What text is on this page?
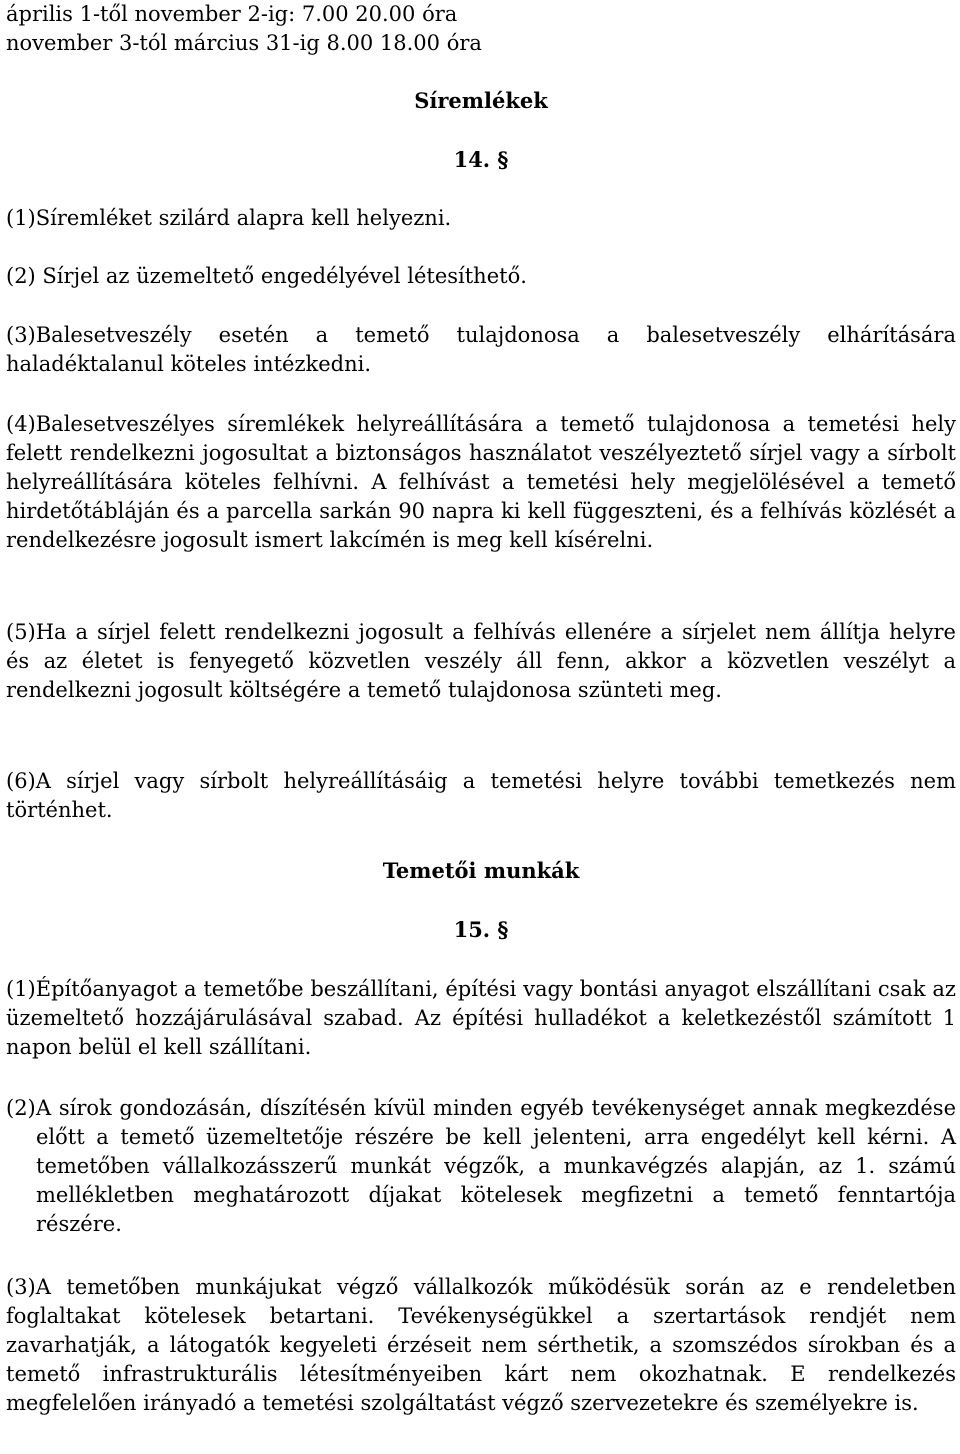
április 1-től november 2-ig: 7.00 20.00 óra
november 3-tól március 31-ig 8.00 18.00 óra
Síremlékek
14. §
(1)Síremléket szilárd alapra kell helyezni.
(2) Sírjel az üzemeltető engedélyével létesíthető.
(3)Balesetveszély esetén a temető tulajdonosa a balesetveszély elhárítására haladéktalanul köteles intézkedni.
(4)Balesetveszélyes síremlékek helyreállítására a temető tulajdonosa a temetési hely felett rendelkezni jogosultat a biztonságos használatot veszélyeztető sírjel vagy a sírbolt helyreállítására köteles felhívni. A felhívást a temetési hely megjelölésével a temető hirdetőtábláján és a parcella sarkán 90 napra ki kell függeszteni, és a felhívás közlését a rendelkezésre jogosult ismert lakcímén is meg kell kísérelni.
(5)Ha a sírjel felett rendelkezni jogosult a felhívás ellenére a sírjelet nem állítja helyre és az életet is fenyegető közvetlen veszély áll fenn, akkor a közvetlen veszélyt a rendelkezni jogosult költségére a temető tulajdonosa szünteti meg.
(6)A sírjel vagy sírbolt helyreállításáig a temetési helyre további temetkezés nem történhet.
Temetői munkák
15. §
(1)Építőanyagot a temetőbe beszállítani, építési vagy bontási anyagot elszállítani csak az üzemeltető hozzájárulásával szabad. Az építési hulladékot a keletkezéstől számított 1 napon belül el kell szállítani.
(2) A sírok gondozásán, díszítésén kívül minden egyéb tevékenységet annak megkezdése előtt a temető üzemeltetője részére be kell jelenteni, arra engedélyt kell kérni. A temetőben vállalkozásszerű munkát végzők, a munkavégzés alapján, az 1. számú mellékletben meghatározott díjakat kötelesek megfizetni a temető fenntartója részére.
(3)A temetőben munkájukat végző vállalkozók működésük során az e rendeletben foglaltakat kötelesek betartani. Tevékenységükkel a szertartások rendjét nem zavarhatják, a látogatók kegyeleti érzéseit nem sérthetik, a szomszédos sírokban és a temető infrastrukturális létesítményeiben kárt nem okozhatnak. E rendelkezés megfelelően irányadó a temetési szolgáltatást végző szervezetekre és személyekre is.
